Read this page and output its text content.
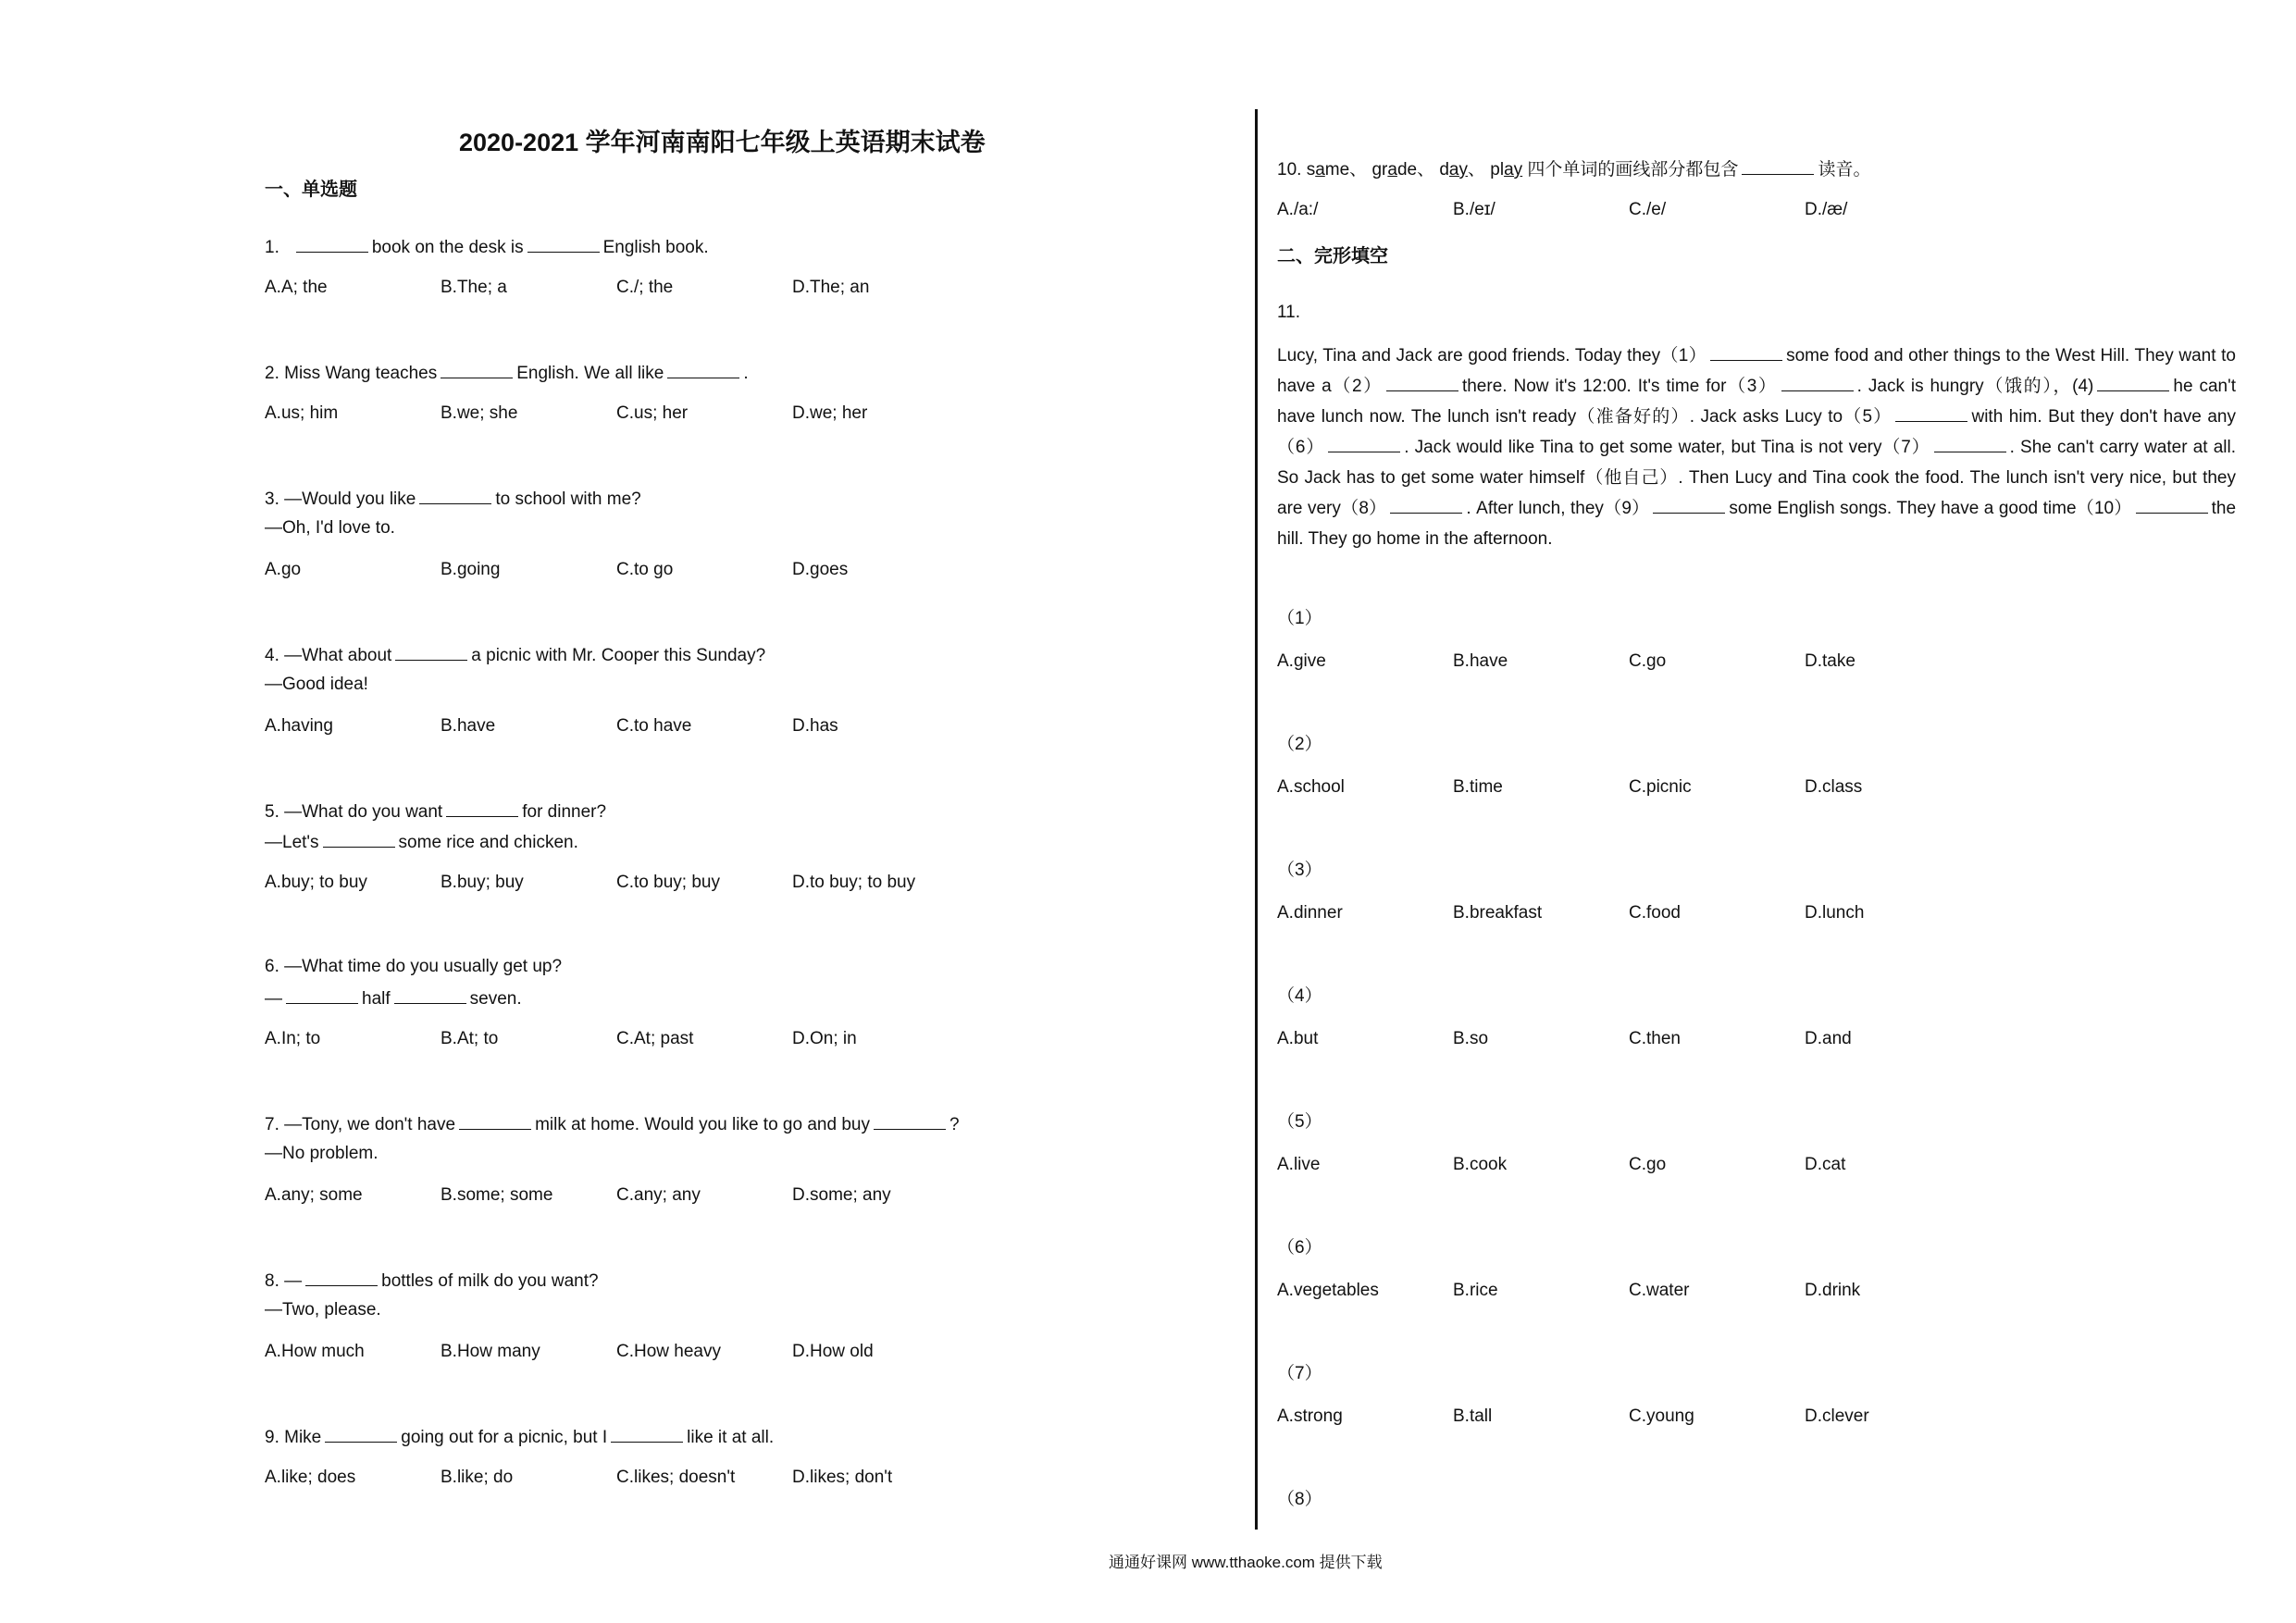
2020-2021 学年河南南阳七年级上英语期末试卷
一、单选题
1.	book on the desk is	English book.
A.A; the	B.The; a	C./; the	D.The; an
2. Miss Wang teaches	English. We all like	.
A.us; him	B.we; she	C.us; her	D.we; her
3. —Would you like	to school with me?
—Oh, I'd love to.
A.go	B.going	C.to go	D.goes
4. —What about	a picnic with Mr. Cooper this Sunday?
—Good idea!
A.having	B.have	C.to have	D.has
5. —What do you want	for dinner?
—Let's	some rice and chicken.
A.buy; to buy	B.buy; buy	C.to buy; buy	D.to buy; to buy
6. —What time do you usually get up?
—	half	seven.
A.In; to	B.At; to	C.At; past	D.On; in
7. —Tony, we don't have	milk at home. Would you like to go and buy	?
—No problem.
A.any; some	B.some; some	C.any; any	D.some; any
8. —	bottles of milk do you want?
—Two, please.
A.How much	B.How many	C.How heavy	D.How old
9. Mike	going out for a picnic, but I	like it at all.
A.like; does	B.like; do	C.likes; doesn't	D.likes; don't
10. same、 grade、 day、 play 四个单词的画线部分都包含	读音。
A./a:/	B./eɪ/	C./e/	D./æ/
二、完形填空
11.
Lucy, Tina and Jack are good friends. Today they（1）	some food and other things to the West Hill. They want to have a（2）	there. Now it's 12:00. It's time for（3）	. Jack is hungry（饿的），(4)	he can't have lunch now. The lunch isn't ready（准备好的）. Jack asks Lucy to（5）	with him. But they don't have any（6）	. Jack would like Tina to get some water, but Tina is not very（7）	. She can't carry water at all. So Jack has to get some water himself（他自己）. Then Lucy and Tina cook the food. The lunch isn't very nice, but they are very（8）	. After lunch, they（9）	some English songs. They have a good time（10）	the hill. They go home in the afternoon.
（1）
A.give	B.have	C.go	D.take
（2）
A.school	B.time	C.picnic	D.class
（3）
A.dinner	B.breakfast	C.food	D.lunch
（4）
A.but	B.so	C.then	D.and
（5）
A.live	B.cook	C.go	D.cat
（6）
A.vegetables	B.rice	C.water	D.drink
（7）
A.strong	B.tall	C.young	D.clever
（8）
通通好课网 www.tthaoke.com 提供下载
